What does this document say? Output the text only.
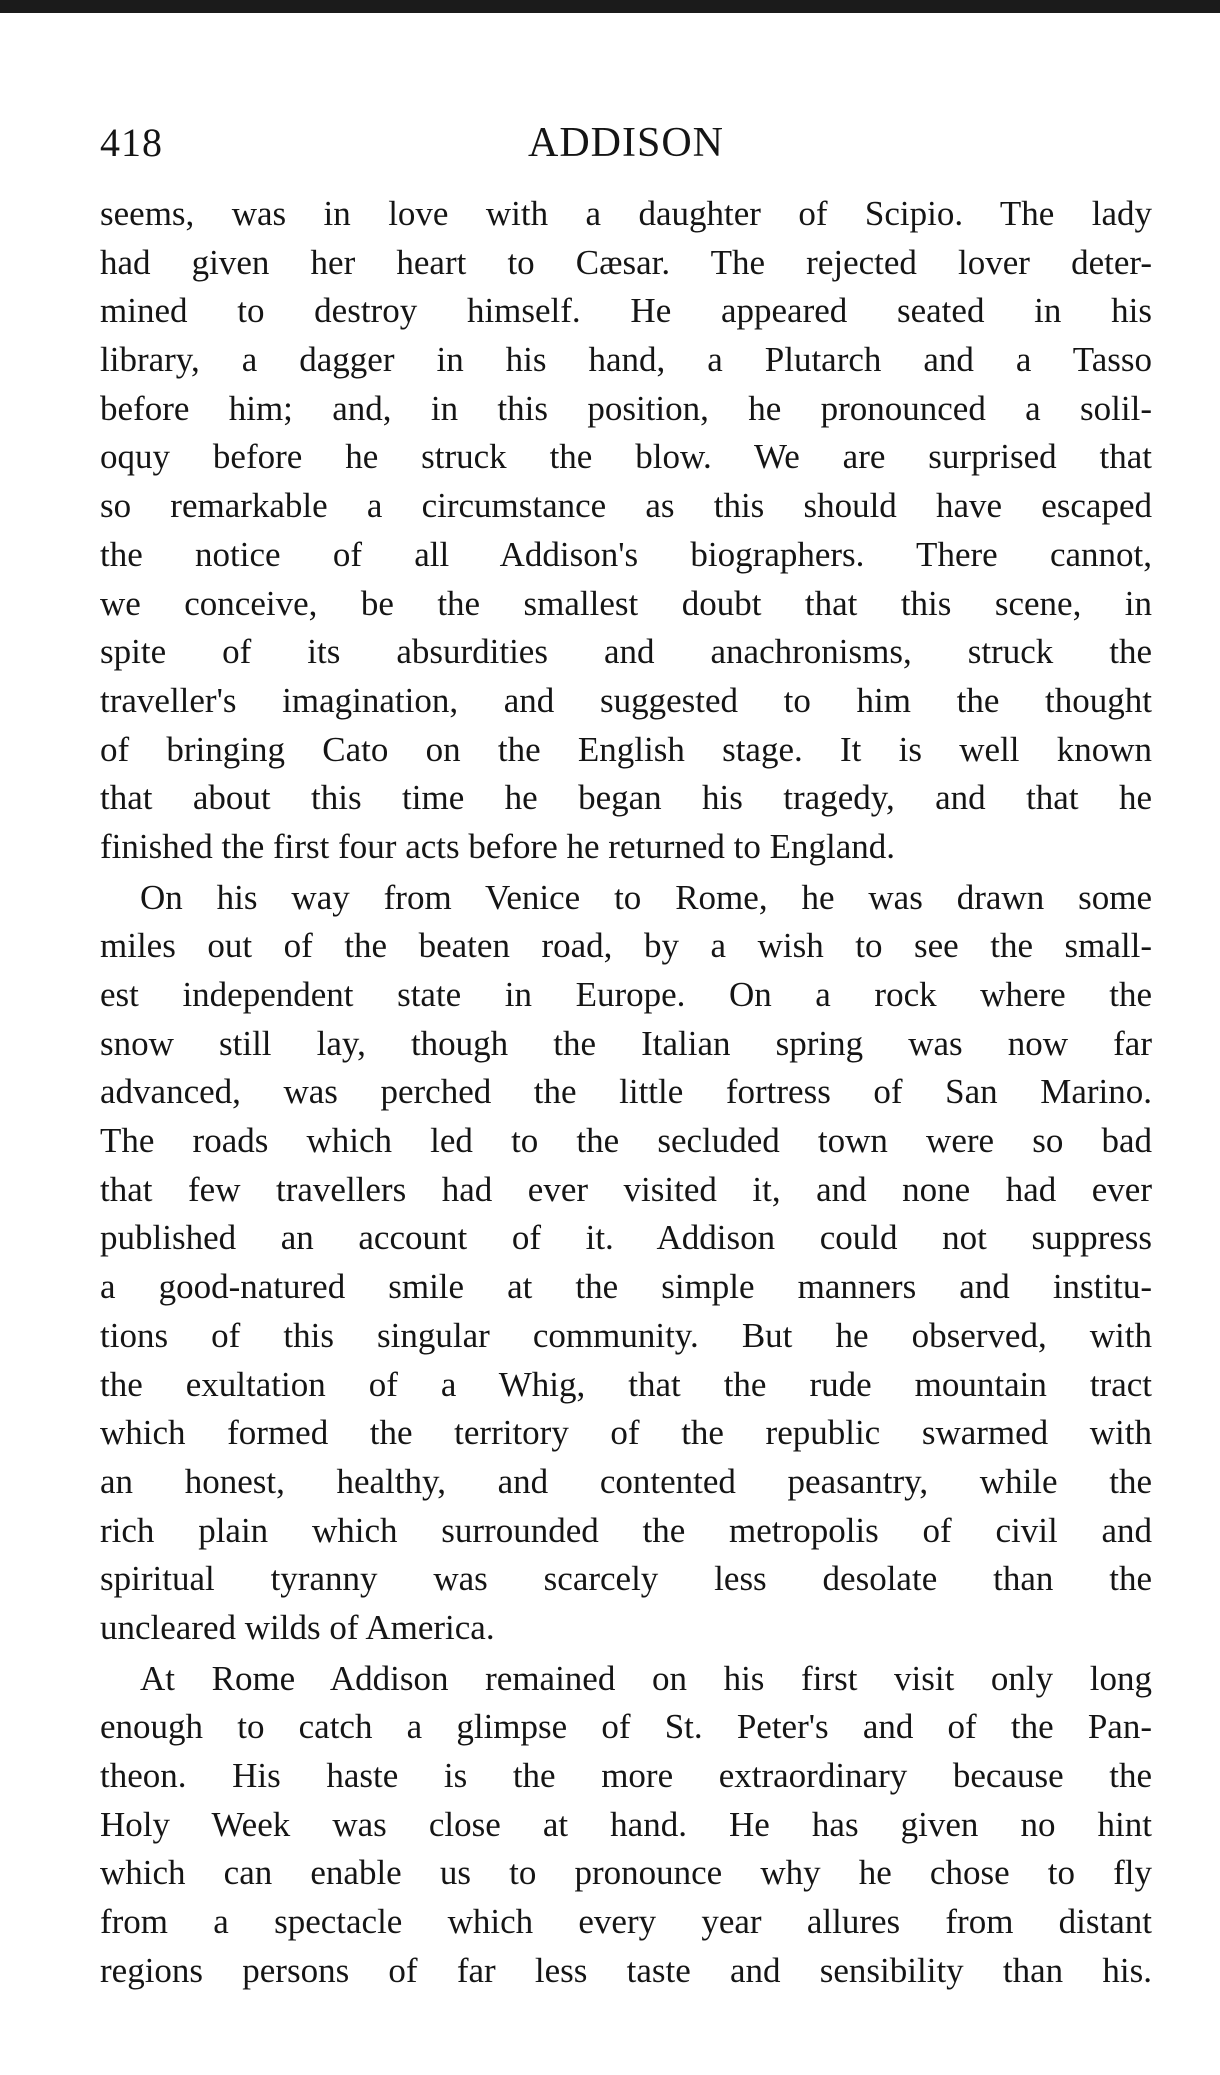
418	ADDISON
seems, was in love with a daughter of Scipio. The lady
had given her heart to Cæsar. The rejected lover deter-
mined to destroy himself. He appeared seated in his
library, a dagger in his hand, a Plutarch and a Tasso
before him; and, in this position, he pronounced a solil-
oquy before he struck the blow. We are surprised that
so remarkable a circumstance as this should have escaped
the notice of all Addison's biographers. There cannot,
we conceive, be the smallest doubt that this scene, in
spite of its absurdities and anachronisms, struck the
traveller's imagination, and suggested to him the thought
of bringing Cato on the English stage. It is well known
that about this time he began his tragedy, and that he
finished the first four acts before he returned to England.
On his way from Venice to Rome, he was drawn some
miles out of the beaten road, by a wish to see the small-
est independent state in Europe. On a rock where the
snow still lay, though the Italian spring was now far
advanced, was perched the little fortress of San Marino.
The roads which led to the secluded town were so bad
that few travellers had ever visited it, and none had ever
published an account of it. Addison could not suppress
a good-natured smile at the simple manners and institu-
tions of this singular community. But he observed, with
the exultation of a Whig, that the rude mountain tract
which formed the territory of the republic swarmed with
an honest, healthy, and contented peasantry, while the
rich plain which surrounded the metropolis of civil and
spiritual tyranny was scarcely less desolate than the
uncleared wilds of America.
At Rome Addison remained on his first visit only long
enough to catch a glimpse of St. Peter's and of the Pan-
theon. His haste is the more extraordinary because the
Holy Week was close at hand. He has given no hint
which can enable us to pronounce why he chose to fly
from a spectacle which every year allures from distant
regions persons of far less taste and sensibility than his.
